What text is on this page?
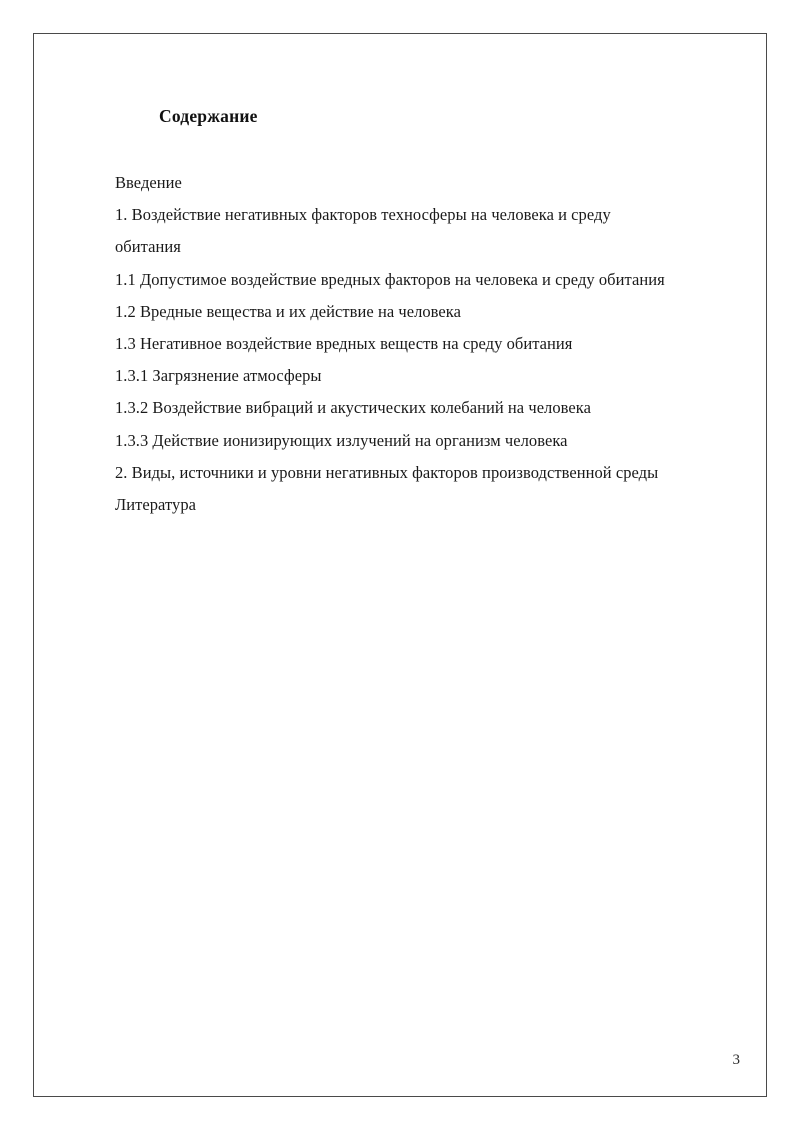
Содержание
Введение
1. Воздействие негативных факторов техносферы на человека и среду
обитания
1.1 Допустимое воздействие вредных факторов на человека и среду обитания
1.2 Вредные вещества и их действие на человека
1.3 Негативное воздействие вредных веществ на среду обитания
1.3.1 Загрязнение атмосферы
1.3.2 Воздействие вибраций и акустических колебаний на человека
1.3.3 Действие ионизирующих излучений на организм человека
2. Виды, источники и уровни негативных факторов производственной среды
Литература
3
